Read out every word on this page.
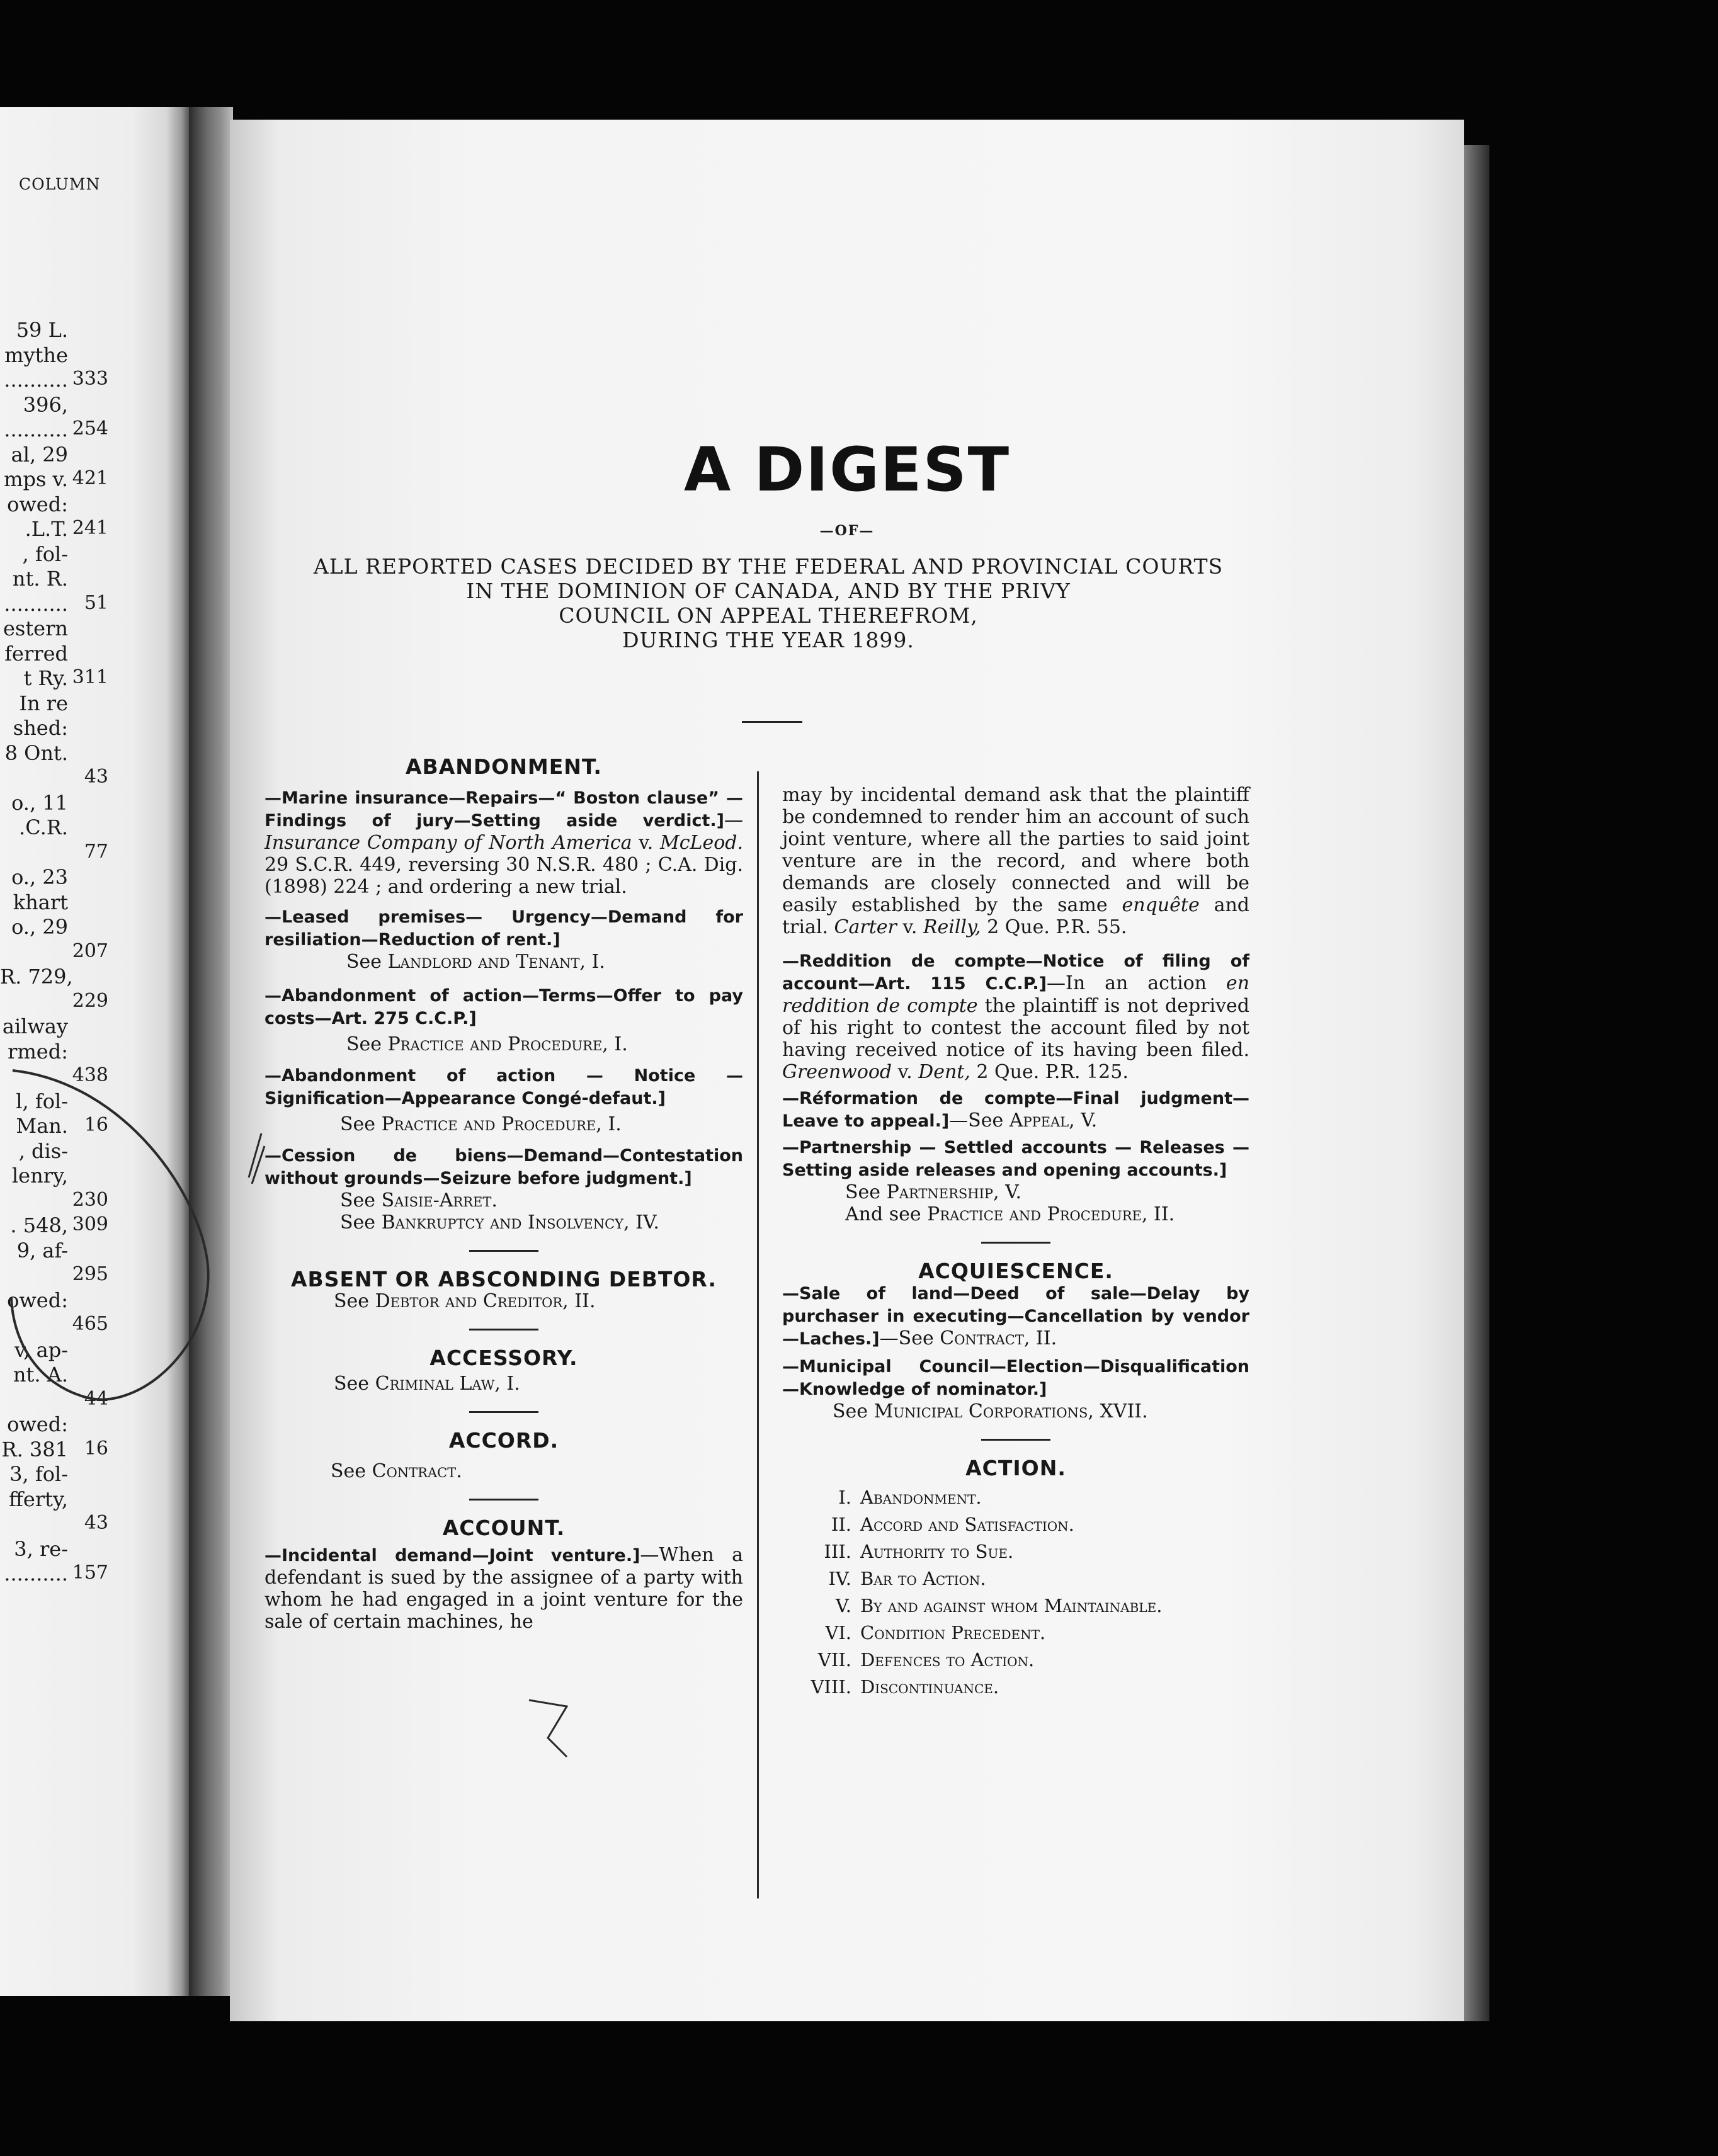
COLUMN
59 L.
mythe
.......... 333
396,
.......... 254
al, 29
mps v. 421
owed:
.L.T. 241
, fol-
nt. R.
.......... 51
estern
ferred
t Ry. 311
In re
shed:
8 Ont.
43
o., 11
.C.R.
77
o., 23
khart
o., 29
207
R. 729,
229
ailway
rmed:
438
l, fol-
Man. 16
, dis-
lenry,
230
. 548, 309
9, af-
295
owed:
465
v, ap-
nt. A.
44
owed:
R. 381 16
3, fol-
fferty,
43
3, re-
.......... 157
A DIGEST
—OF—
ALL REPORTED CASES DECIDED BY THE FEDERAL AND PROVINCIAL COURTS
IN THE DOMINION OF CANADA, AND BY THE PRIVY
COUNCIL ON APPEAL THEREFROM,
DURING THE YEAR 1899.
ABANDONMENT.

—Marine insurance—Repairs—“ Boston clause” —Findings of jury—Setting aside verdict.]—Insurance Company of North America v. McLeod. 29 S.C.R. 449, reversing 30 N.S.R. 480 ; C.A. Dig. (1898) 224 ; and ordering a new trial.

—Leased premises— Urgency—Demand for resiliation—Reduction of rent.]

See Landlord and Tenant, I.

—Abandonment of action—Terms—Offer to pay costs—Art. 275 C.C.P.]

See Practice and Procedure, I.

—Abandonment of action — Notice — Signification—Appearance Congé-defaut.]

See Practice and Procedure, I.

—Cession de biens—Demand—Contestation without grounds—Seizure before judgment.]

See Saisie-Arret.

See Bankruptcy and Insolvency, IV.

ABSENT OR ABSCONDING DEBTOR.

See Debtor and Creditor, II.

ACCESSORY.

See Criminal Law, I.

ACCORD.

See Contract.

ACCOUNT.

—Incidental demand—Joint venture.]—When a defendant is sued by the assignee of a party with whom he had engaged in a joint venture for the sale of certain machines, he

may by incidental demand ask that the plaintiff be condemned to render him an account of such joint venture, where all the parties to said joint venture are in the record, and where both demands are closely connected and will be easily established by the same enquête and trial. Carter v. Reilly, 2 Que. P.R. 55.

—Reddition de compte—Notice of filing of account—Art. 115 C.C.P.]—In an action en reddition de compte the plaintiff is not deprived of his right to contest the account filed by not having received notice of its having been filed. Greenwood v. Dent, 2 Que. P.R. 125.

—Réformation de compte—Final judgment—Leave to appeal.]—See Appeal, V.

—Partnership — Settled accounts — Releases — Setting aside releases and opening accounts.]

See Partnership, V.

And see Practice and Procedure, II.

ACQUIESCENCE.

—Sale of land—Deed of sale—Delay by purchaser in executing—Cancellation by vendor—Laches.]—See Contract, II.

—Municipal Council—Election—Disqualification —Knowledge of nominator.]

See Municipal Corporations, XVII.

ACTION.
I. Abandonment.
II. Accord and Satisfaction.
III. Authority to Sue.
IV. Bar to Action.
V. By and against whom Maintainable.
VI. Condition Precedent.
VII. Defences to Action.
VIII. Discontinuance.
